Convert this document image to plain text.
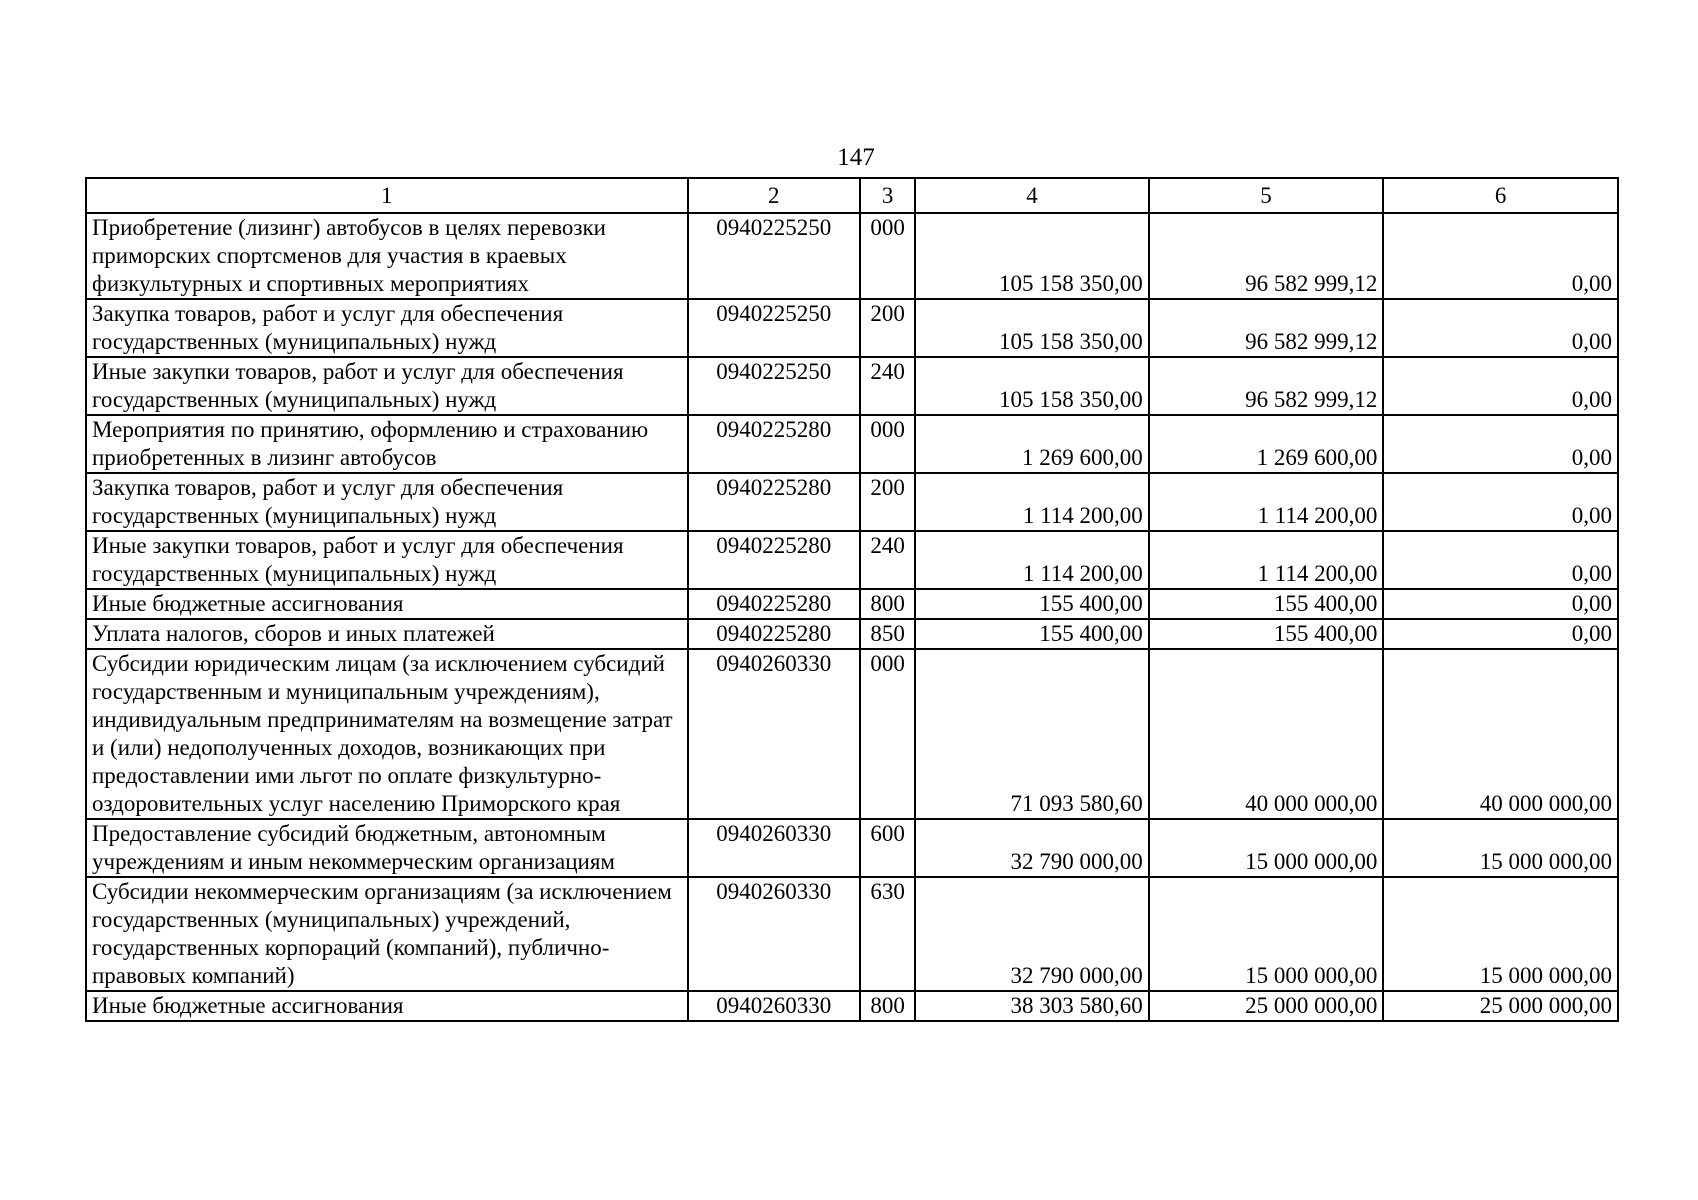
147
1	2	3	4	5	6
Приобретение (лизинг) автобусов в целях перевозки приморских спортсменов для участия в краевых физкультурных и спортивных мероприятиях	0940225250	000	105 158 350,00	96 582 999,12	0,00
Закупка товаров, работ и услуг для обеспечения государственных (муниципальных) нужд	0940225250	200	105 158 350,00	96 582 999,12	0,00
Иные закупки товаров, работ и услуг для обеспечения государственных (муниципальных) нужд	0940225250	240	105 158 350,00	96 582 999,12	0,00
Мероприятия по принятию, оформлению и страхованию приобретенных в лизинг автобусов	0940225280	000	1 269 600,00	1 269 600,00	0,00
Закупка товаров, работ и услуг для обеспечения государственных (муниципальных) нужд	0940225280	200	1 114 200,00	1 114 200,00	0,00
Иные закупки товаров, работ и услуг для обеспечения государственных (муниципальных) нужд	0940225280	240	1 114 200,00	1 114 200,00	0,00
Иные бюджетные ассигнования	0940225280	800	155 400,00	155 400,00	0,00
Уплата налогов, сборов и иных платежей	0940225280	850	155 400,00	155 400,00	0,00
Субсидии юридическим лицам (за исключением субсидий государственным и муниципальным учреждениям), индивидуальным предпринимателям на возмещение затрат и (или) недополученных доходов, возникающих при предоставлении ими льгот по оплате физкультурно-оздоровительных услуг населению Приморского края	0940260330	000	71 093 580,60	40 000 000,00	40 000 000,00
Предоставление субсидий бюджетным, автономным учреждениям и иным некоммерческим организациям	0940260330	600	32 790 000,00	15 000 000,00	15 000 000,00
Субсидии некоммерческим организациям (за исключением государственных (муниципальных) учреждений, государственных корпораций (компаний), публично-правовых компаний)	0940260330	630	32 790 000,00	15 000 000,00	15 000 000,00
Иные бюджетные ассигнования	0940260330	800	38 303 580,60	25 000 000,00	25 000 000,00
